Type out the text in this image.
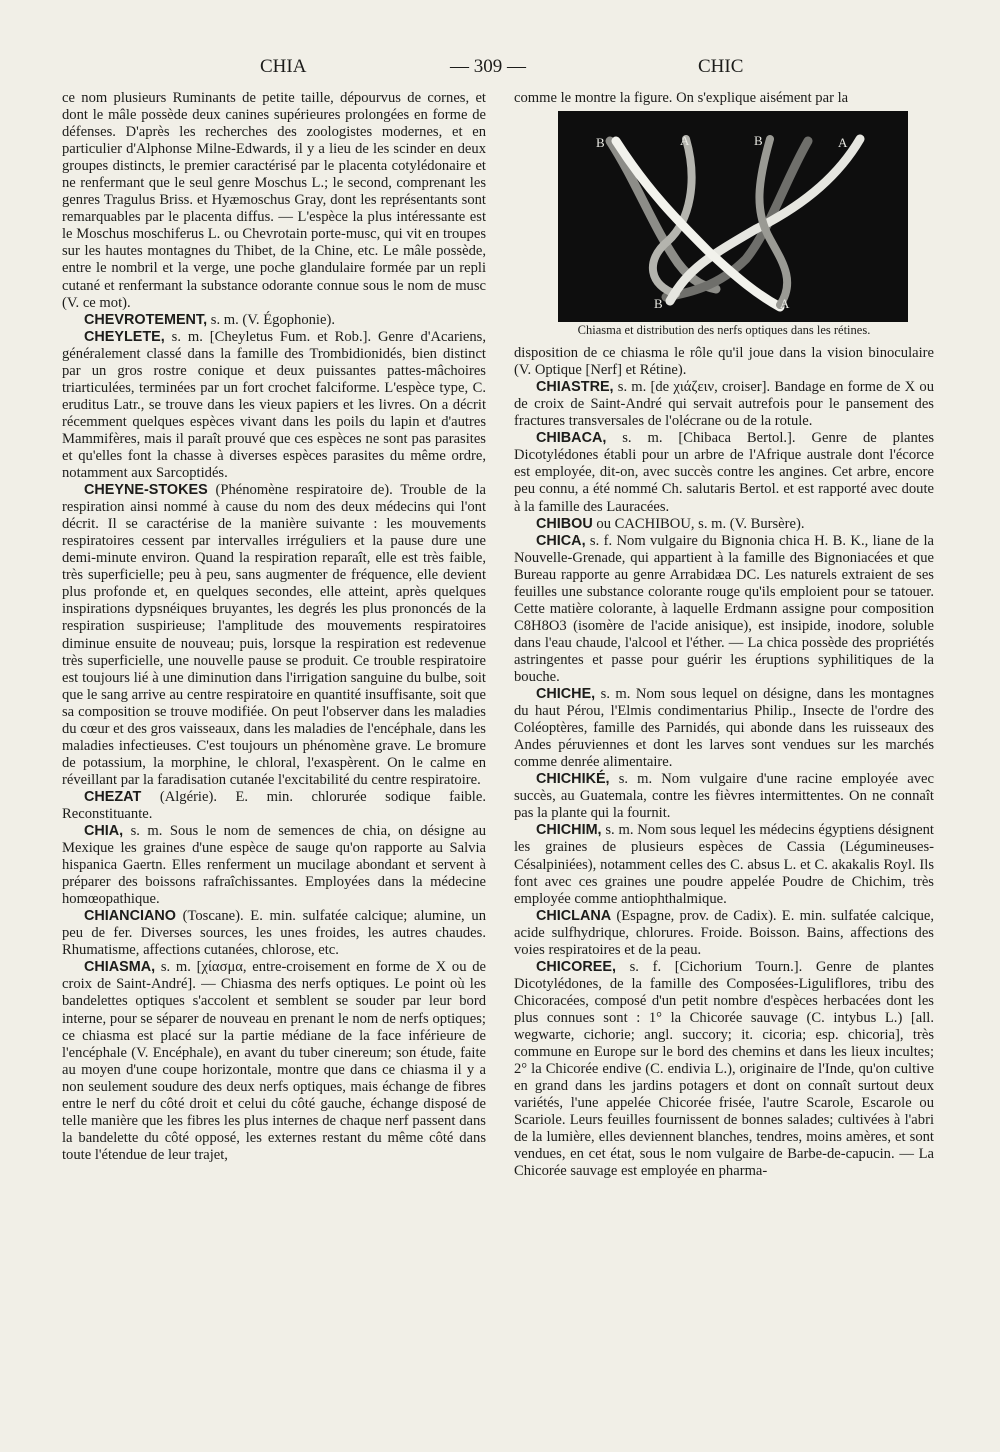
CHIA	— 309 —	CHIC

ce nom plusieurs Ruminants de petite taille, dépourvus de cornes, et dont le mâle possède deux canines supérieures prolongées en forme de défenses. D'après les recherches des zoologistes modernes, et en particulier d'Alphonse Milne-Edwards, il y a lieu de les scinder en deux groupes distincts, le premier caractérisé par le placenta cotylédonaire et ne renfermant que le seul genre Moschus L.; le second, comprenant les genres Tragulus Briss. et Hyæmoschus Gray, dont les représentants sont remarquables par le placenta diffus. — L'espèce la plus intéressante est le Moschus moschiferus L. ou Chevrotain porte-musc, qui vit en troupes sur les hautes montagnes du Thibet, de la Chine, etc. Le mâle possède, entre le nombril et la verge, une poche glandulaire formée par un repli cutané et renfermant la substance odorante connue sous le nom de musc (V. ce mot).

CHEVROTEMENT, s. m. (V. Égophonie).

CHEYLETE, s. m. [Cheyletus Fum. et Rob.]. Genre d'Acariens, généralement classé dans la famille des Trombidionidés, bien distinct par un gros rostre conique et deux puissantes pattes-mâchoires triarticulées, terminées par un fort crochet falciforme. L'espèce type, C. eruditus Latr., se trouve dans les vieux papiers et les livres. On a décrit récemment quelques espèces vivant dans les poils du lapin et d'autres Mammifères, mais il paraît prouvé que ces espèces ne sont pas parasites et qu'elles font la chasse à diverses espèces parasites du même ordre, notamment aux Sarcoptidés.

CHEYNE-STOKES (Phénomène respiratoire de). Trouble de la respiration ainsi nommé à cause du nom des deux médecins qui l'ont décrit. Il se caractérise de la manière suivante : les mouvements respiratoires cessent par intervalles irréguliers et la pause dure une demi-minute environ. Quand la respiration reparaît, elle est très faible, très superficielle; peu à peu, sans augmenter de fréquence, elle devient plus profonde et, en quelques secondes, elle atteint, après quelques inspirations dypsnéiques bruyantes, les degrés les plus prononcés de la respiration suspirieuse; l'amplitude des mouvements respiratoires diminue ensuite de nouveau; puis, lorsque la respiration est redevenue très superficielle, une nouvelle pause se produit. Ce trouble respiratoire est toujours lié à une diminution dans l'irrigation sanguine du bulbe, soit que le sang arrive au centre respiratoire en quantité insuffisante, soit que sa composition se trouve modifiée. On peut l'observer dans les maladies du cœur et des gros vaisseaux, dans les maladies de l'encéphale, dans les maladies infectieuses. C'est toujours un phénomène grave. Le bromure de potassium, la morphine, le chloral, l'exaspèrent. On le calme en réveillant par la faradisation cutanée l'excitabilité du centre respiratoire.

CHEZAT (Algérie). E. min. chlorurée sodique faible. Reconstituante.

CHIA, s. m. Sous le nom de semences de chia, on désigne au Mexique les graines d'une espèce de sauge qu'on rapporte au Salvia hispanica Gaertn. Elles renferment un mucilage abondant et servent à préparer des boissons rafraîchissantes. Employées dans la médecine homœopathique.

CHIANCIANO (Toscane). E. min. sulfatée calcique; alumine, un peu de fer. Diverses sources, les unes froides, les autres chaudes. Rhumatisme, affections cutanées, chlorose, etc.

CHIASMA, s. m. [χίασμα, entre-croisement en forme de X ou de croix de Saint-André]. — Chiasma des nerfs optiques. Le point où les bandelettes optiques s'accolent et semblent se souder par leur bord interne, pour se séparer de nouveau en prenant le nom de nerfs optiques; ce chiasma est placé sur la partie médiane de la face inférieure de l'encéphale (V. Encéphale), en avant du tuber cinereum; son étude, faite au moyen d'une coupe horizontale, montre que dans ce chiasma il y a non seulement soudure des deux nerfs optiques, mais échange de fibres entre le nerf du côté droit et celui du côté gauche, échange disposé de telle manière que les fibres les plus internes de chaque nerf passent dans la bandelette du côté opposé, les externes restant du même côté dans toute l'étendue de leur trajet,

comme le montre la figure. On s'explique aisément par la

B	A	B	A
B	A

Chiasma et distribution des nerfs optiques dans les rétines.

disposition de ce chiasma le rôle qu'il joue dans la vision binoculaire (V. Optique [Nerf] et Rétine).

CHIASTRE, s. m. [de χιάζειν, croiser]. Bandage en forme de X ou de croix de Saint-André qui servait autrefois pour le pansement des fractures transversales de l'olécrane ou de la rotule.

CHIBACA, s. m. [Chibaca Bertol.]. Genre de plantes Dicotylédones établi pour un arbre de l'Afrique australe dont l'écorce est employée, dit-on, avec succès contre les angines. Cet arbre, encore peu connu, a été nommé Ch. salutaris Bertol. et est rapporté avec doute à la famille des Lauracées.

CHIBOU ou CACHIBOU, s. m. (V. Bursère).

CHICA, s. f. Nom vulgaire du Bignonia chica H. B. K., liane de la Nouvelle-Grenade, qui appartient à la famille des Bignoniacées et que Bureau rapporte au genre Arrabidæa DC. Les naturels extraient de ses feuilles une substance colorante rouge qu'ils emploient pour se tatouer. Cette matière colorante, à laquelle Erdmann assigne pour composition C8H8O3 (isomère de l'acide anisique), est insipide, inodore, soluble dans l'eau chaude, l'alcool et l'éther. — La chica possède des propriétés astringentes et passe pour guérir les éruptions syphilitiques de la bouche.

CHICHE, s. m. Nom sous lequel on désigne, dans les montagnes du haut Pérou, l'Elmis condimentarius Philip., Insecte de l'ordre des Coléoptères, famille des Parnidés, qui abonde dans les ruisseaux des Andes péruviennes et dont les larves sont vendues sur les marchés comme denrée alimentaire.

CHICHIKÉ, s. m. Nom vulgaire d'une racine employée avec succès, au Guatemala, contre les fièvres intermittentes. On ne connaît pas la plante qui la fournit.

CHICHIM, s. m. Nom sous lequel les médecins égyptiens désignent les graines de plusieurs espèces de Cassia (Légumineuses-Césalpiniées), notamment celles des C. absus L. et C. akakalis Royl. Ils font avec ces graines une poudre appelée Poudre de Chichim, très employée comme antiophthalmique.

CHICLANA (Espagne, prov. de Cadix). E. min. sulfatée calcique, acide sulfhydrique, chlorures. Froide. Boisson. Bains, affections des voies respiratoires et de la peau.

CHICOREE, s. f. [Cichorium Tourn.]. Genre de plantes Dicotylédones, de la famille des Composées-Liguliflores, tribu des Chicoracées, composé d'un petit nombre d'espèces herbacées dont les plus connues sont : 1° la Chicorée sauvage (C. intybus L.) [all. wegwarte, cichorie; angl. succory; it. cicoria; esp. chicoria], très commune en Europe sur le bord des chemins et dans les lieux incultes; 2° la Chicorée endive (C. endivia L.), originaire de l'Inde, qu'on cultive en grand dans les jardins potagers et dont on connaît surtout deux variétés, l'une appelée Chicorée frisée, l'autre Scarole, Escarole ou Scariole. Leurs feuilles fournissent de bonnes salades; cultivées à l'abri de la lumière, elles deviennent blanches, tendres, moins amères, et sont vendues, en cet état, sous le nom vulgaire de Barbe-de-capucin. — La Chicorée sauvage est employée en pharma-
